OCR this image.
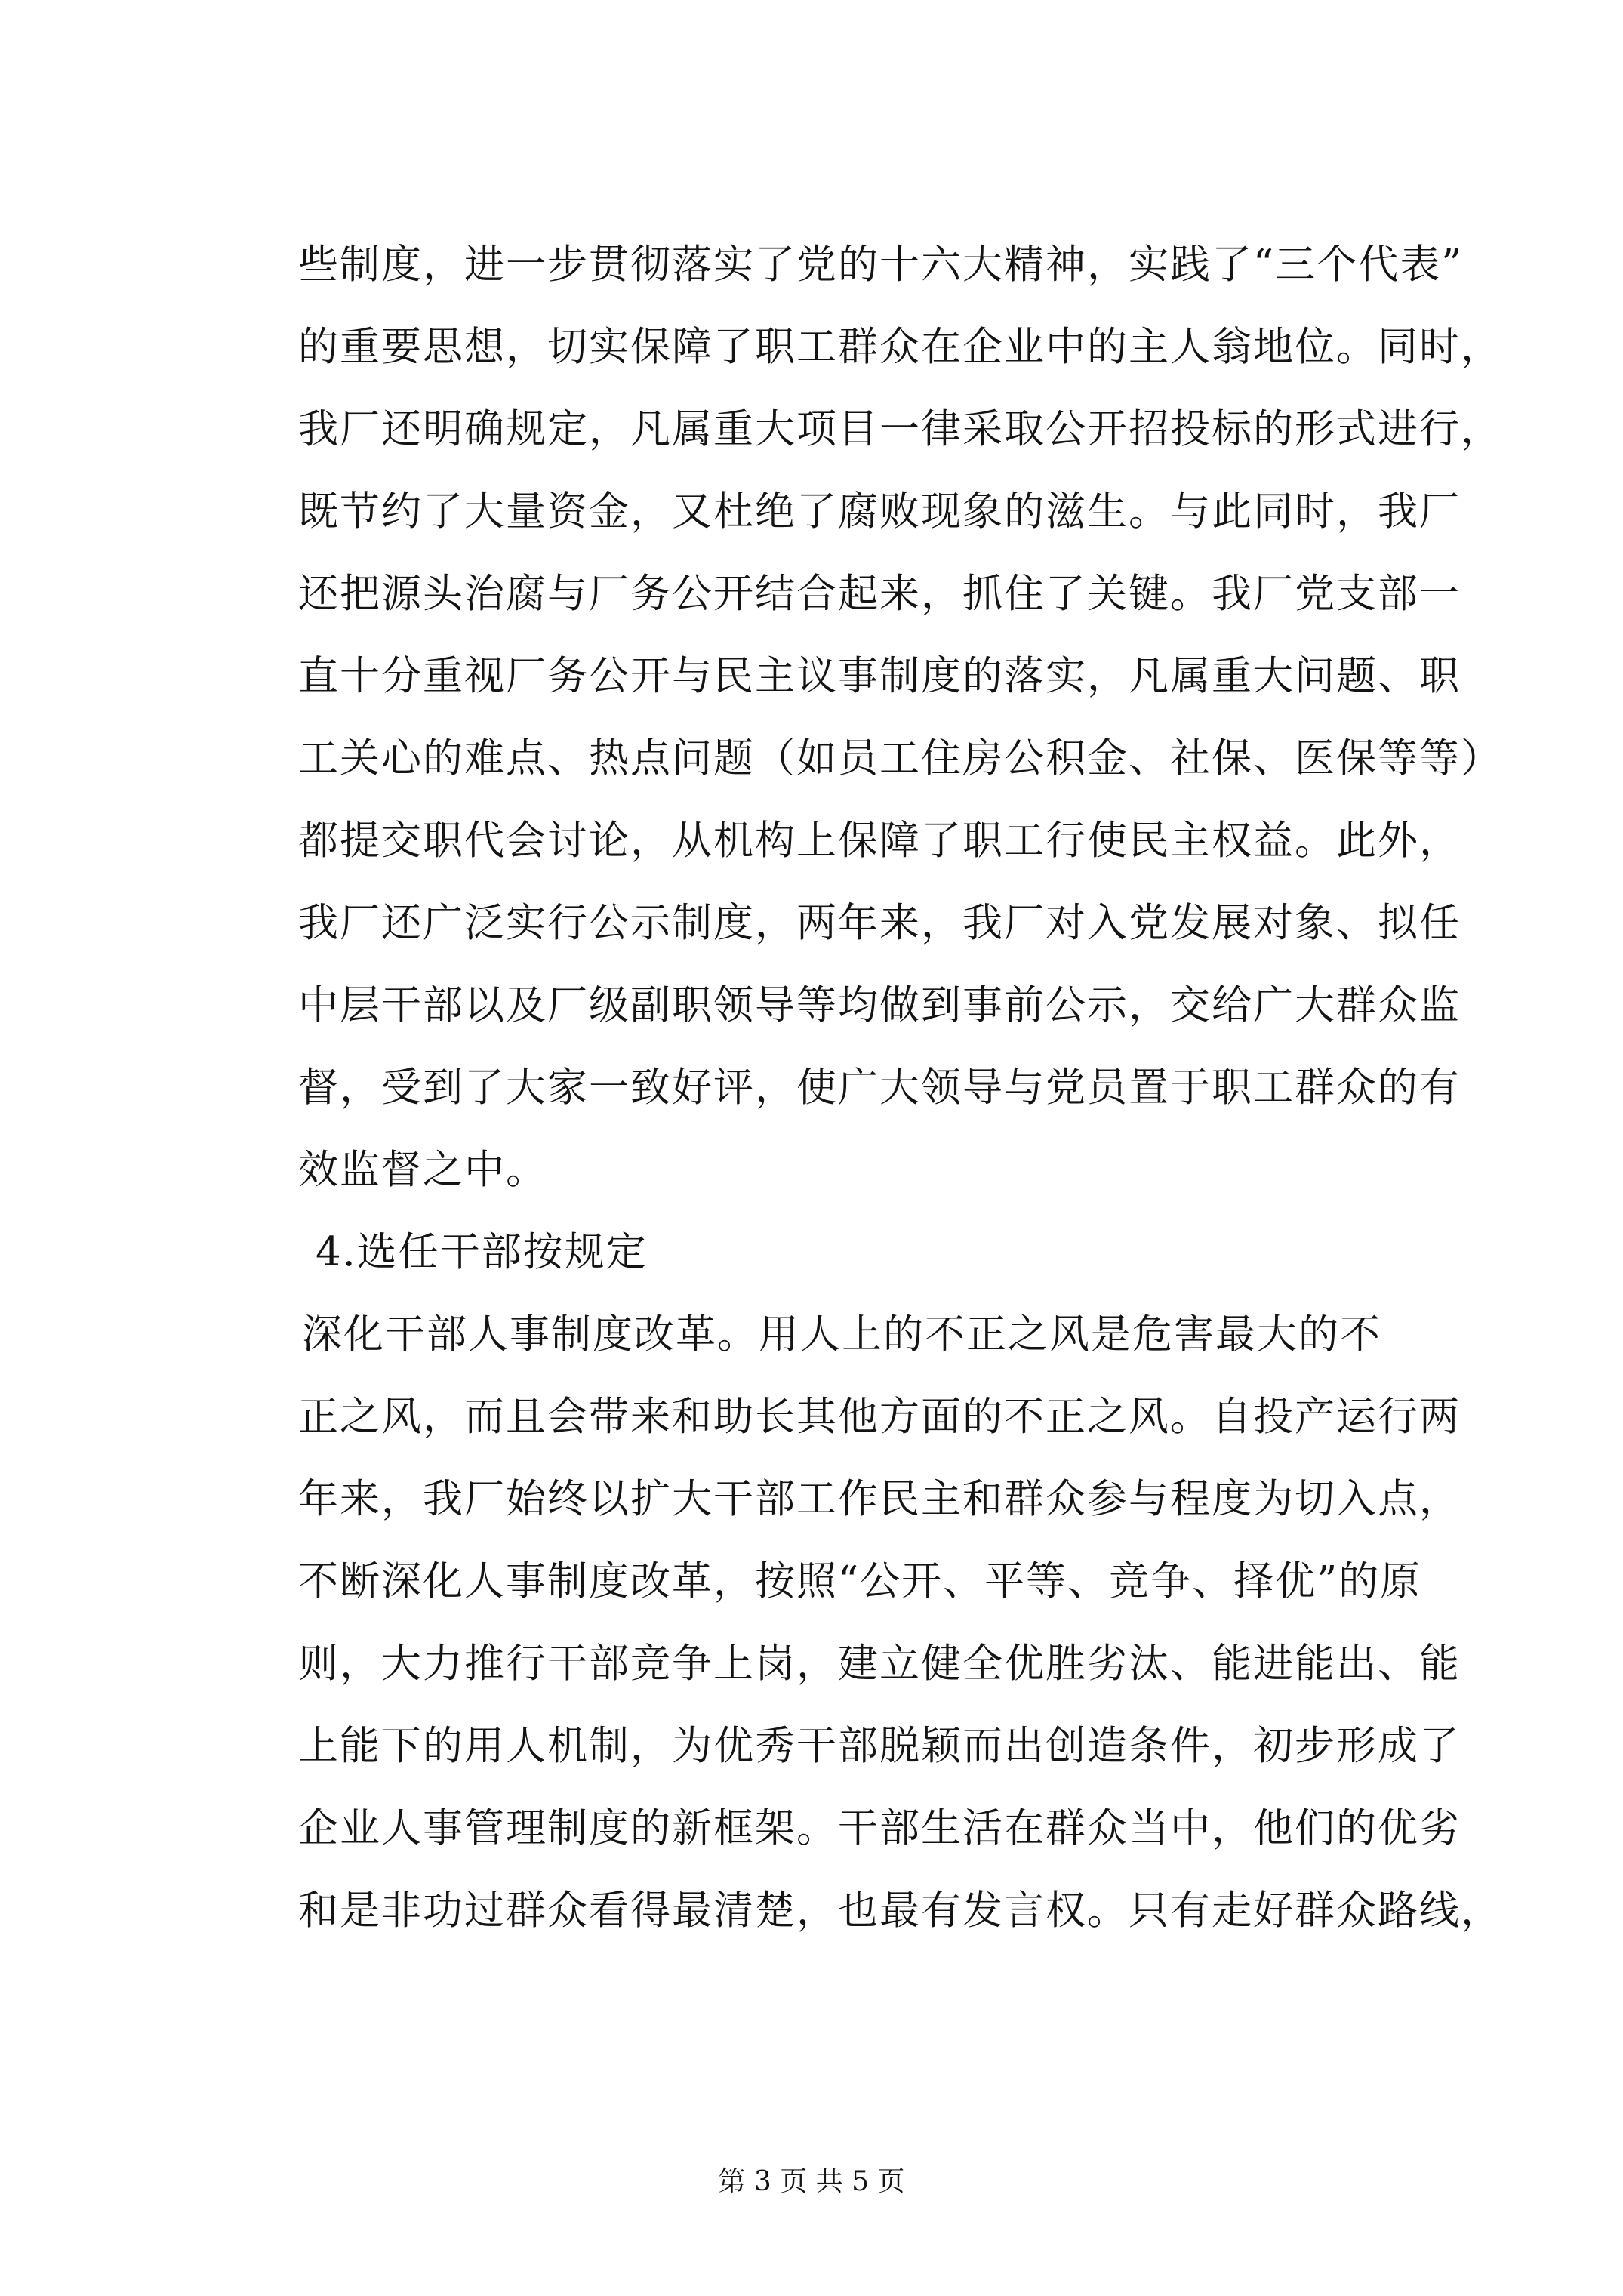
些制度，进一步贯彻落实了党的十六大精神，实践了“三个代表”
的重要思想，切实保障了职工群众在企业中的主人翁地位。同时，
我厂还明确规定，凡属重大项目一律采取公开招投标的形式进行，
既节约了大量资金，又杜绝了腐败现象的滋生。与此同时，我厂
还把源头治腐与厂务公开结合起来，抓住了关键。我厂党支部一
直十分重视厂务公开与民主议事制度的落实，凡属重大问题、职
工关心的难点、热点问题（如员工住房公积金、社保、医保等等）
都提交职代会讨论，从机构上保障了职工行使民主权益。此外，
我厂还广泛实行公示制度，两年来，我厂对入党发展对象、拟任
中层干部以及厂级副职领导等均做到事前公示，交给广大群众监
督，受到了大家一致好评，使广大领导与党员置于职工群众的有
效监督之中。
4.选任干部按规定
深化干部人事制度改革。用人上的不正之风是危害最大的不
正之风，而且会带来和助长其他方面的不正之风。自投产运行两
年来，我厂始终以扩大干部工作民主和群众参与程度为切入点，
不断深化人事制度改革，按照“公开、平等、竞争、择优”的原
则，大力推行干部竞争上岗，建立健全优胜劣汰、能进能出、能
上能下的用人机制，为优秀干部脱颖而出创造条件，初步形成了
企业人事管理制度的新框架。干部生活在群众当中，他们的优劣
和是非功过群众看得最清楚，也最有发言权。只有走好群众路线，
第 3 页 共 5 页
